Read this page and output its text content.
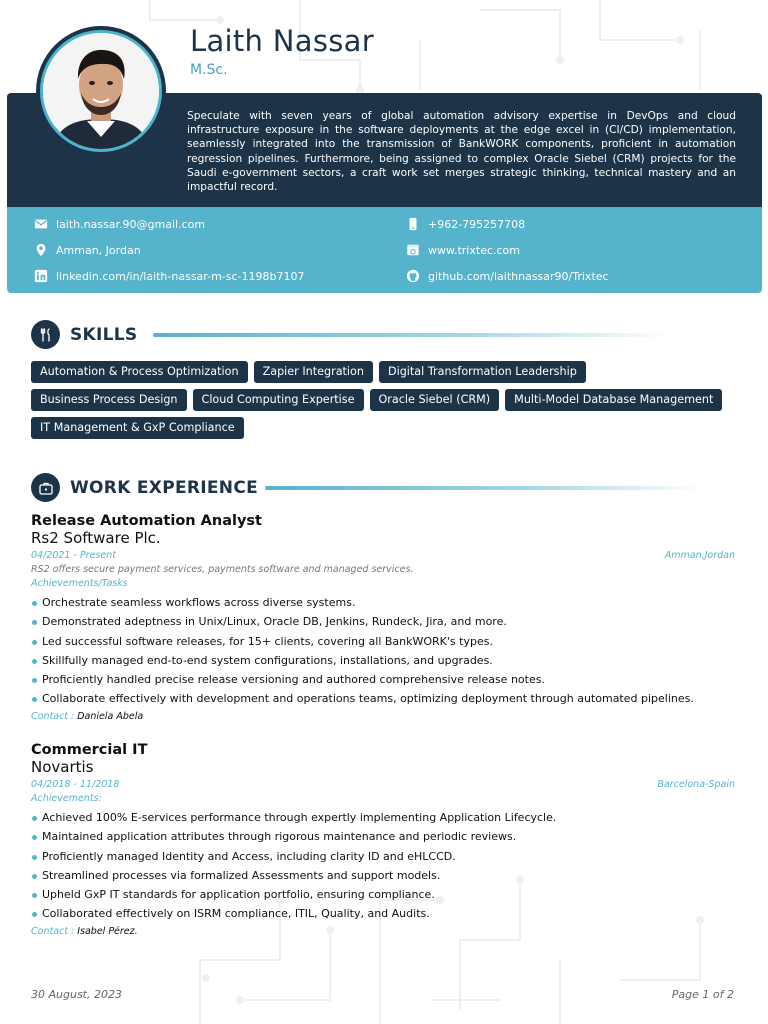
Laith Nassar
M.Sc.

Speculate with seven years of global automation advisory expertise in DevOps and cloud infrastructure exposure in the software deployments at the edge excel in (CI/CD) implementation, seamlessly integrated into the transmission of BankWORK components, proficient in automation regression pipelines. Furthermore, being assigned to complex Oracle Siebel (CRM) projects for the Saudi e-government sectors, a craft work set merges strategic thinking, technical mastery and an impactful record.

laith.nassar.90@gmail.com	+962-795257708
Amman, Jordan	www.trixtec.com
linkedin.com/in/laith-nassar-m-sc-1198b7107	github.com/laithnassar90/Trixtec
SKILLS
Automation & Process Optimization	Zapier Integration	Digital Transformation Leadership
Business Process Design	Cloud Computing Expertise	Oracle Siebel (CRM)	Multi-Model Database Management
IT Management & GxP Compliance
WORK EXPERIENCE
Release Automation Analyst
Rs2 Software Plc.
04/2021 - Present	Amman,Jordan
RS2 offers secure payment services, payments software and managed services.
Achievements/Tasks
Orchestrate seamless workflows across diverse systems.
Demonstrated adeptness in Unix/Linux, Oracle DB, Jenkins, Rundeck, Jira, and more.
Led successful software releases, for 15+ clients, covering all BankWORK's types.
Skillfully managed end-to-end system configurations, installations, and upgrades.
Proficiently handled precise release versioning and authored comprehensive release notes.
Collaborate effectively with development and operations teams, optimizing deployment through automated pipelines.
Contact : Daniela Abela
Commercial IT
Novartis
04/2018 - 11/2018	Barcelona-Spain
Achievements:
Achieved 100% E-services performance through expertly implementing Application Lifecycle.
Maintained application attributes through rigorous maintenance and periodic reviews.
Proficiently managed Identity and Access, including clarity ID and eHLCCD.
Streamlined processes via formalized Assessments and support models.
Upheld GxP IT standards for application portfolio, ensuring compliance.
Collaborated effectively on ISRM compliance, ITIL, Quality, and Audits.
Contact : Isabel Pérez.
30 August, 2023	Page 1 of 2
